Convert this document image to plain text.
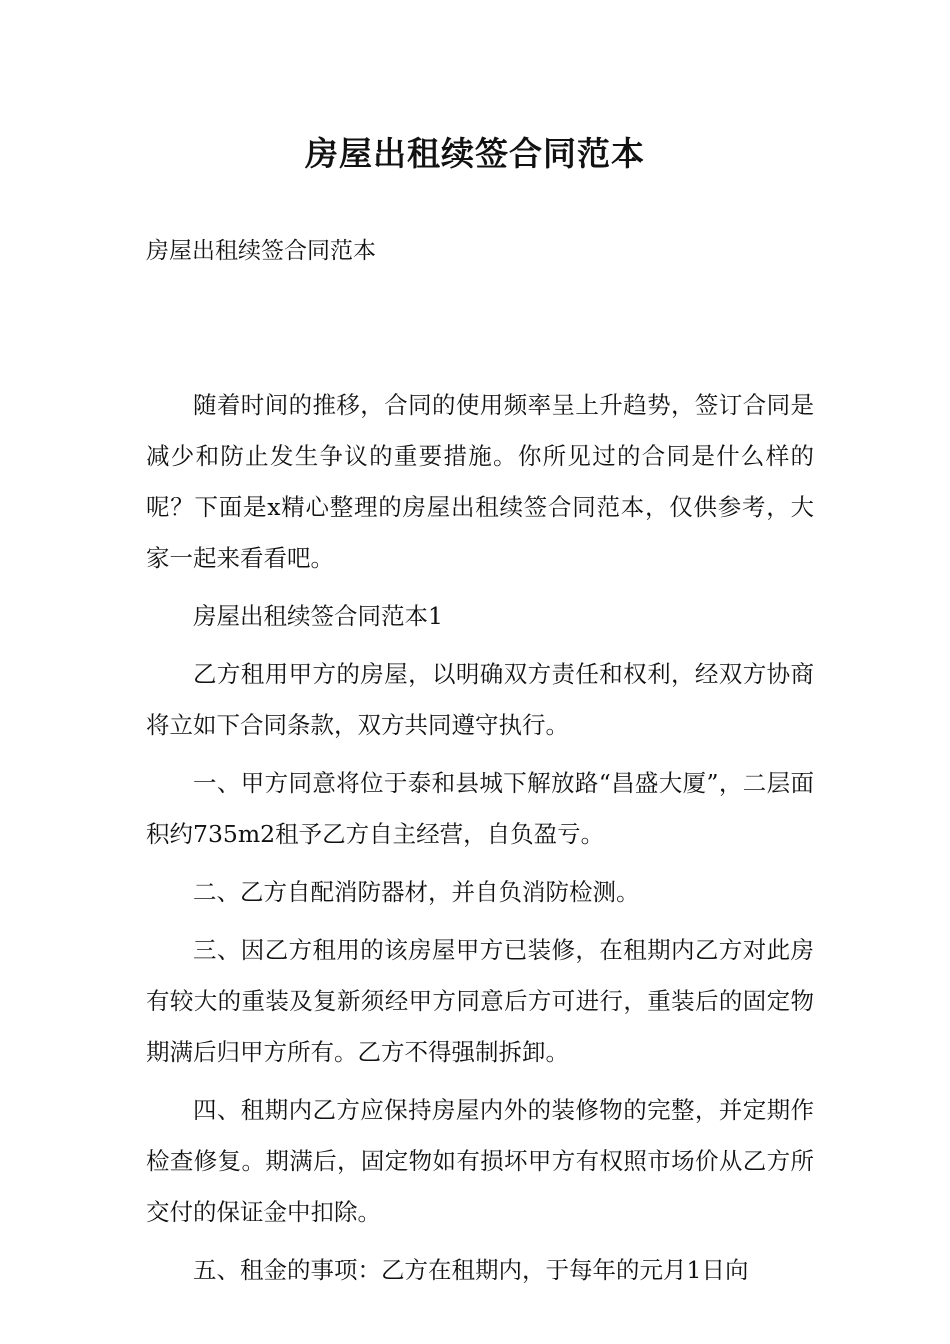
房屋出租续签合同范本
房屋出租续签合同范本

随着时间的推移，合同的使用频率呈上升趋势，签订合同是减少和防止发生争议的重要措施。你所见过的合同是什么样的呢？下面是x精心整理的房屋出租续签合同范本，仅供参考，大家一起来看看吧。

房屋出租续签合同范本1

乙方租用甲方的房屋，以明确双方责任和权利，经双方协商将立如下合同条款，双方共同遵守执行。

一、甲方同意将位于泰和县城下解放路“昌盛大厦”，二层面积约735m2租予乙方自主经营，自负盈亏。

二、乙方自配消防器材，并自负消防检测。

三、因乙方租用的该房屋甲方已装修，在租期内乙方对此房有较大的重装及复新须经甲方同意后方可进行，重装后的固定物期满后归甲方所有。乙方不得强制拆卸。

四、租期内乙方应保持房屋内外的装修物的完整，并定期作检查修复。期满后，固定物如有损坏甲方有权照市场价从乙方所交付的保证金中扣除。

五、租金的事项：乙方在租期内，于每年的元月1日向
